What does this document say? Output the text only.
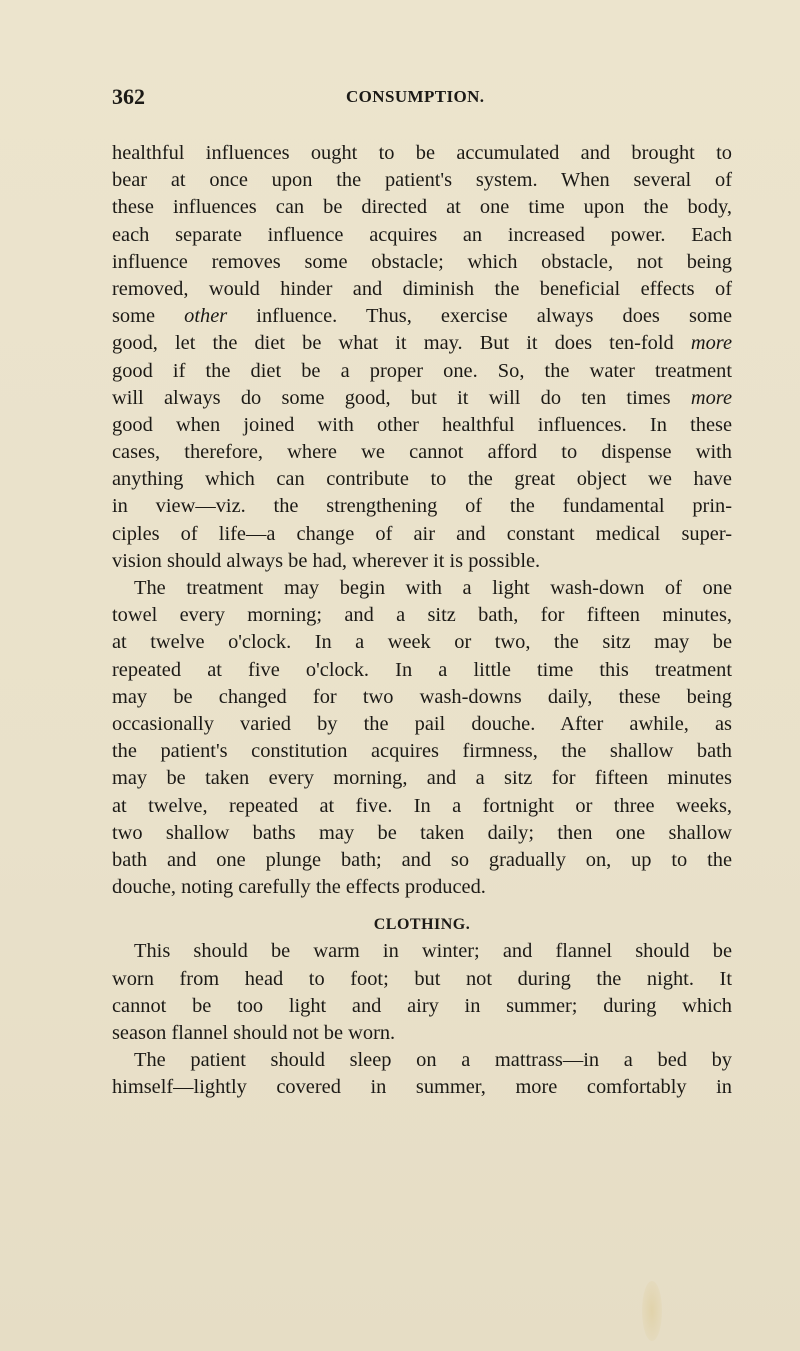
362	CONSUMPTION.
healthful influences ought to be accumulated and brought to
bear at once upon the patient's system. When several of
these influences can be directed at one time upon the body,
each separate influence acquires an increased power. Each
influence removes some obstacle; which obstacle, not being
removed, would hinder and diminish the beneficial effects of
some other influence. Thus, exercise always does some
good, let the diet be what it may. But it does ten-fold more
good if the diet be a proper one. So, the water treatment
will always do some good, but it will do ten times more
good when joined with other healthful influences. In these
cases, therefore, where we cannot afford to dispense with
anything which can contribute to the great object we have
in view—viz. the strengthening of the fundamental prin-
ciples of life—a change of air and constant medical super-
vision should always be had, wherever it is possible.
The treatment may begin with a light wash-down of one
towel every morning; and a sitz bath, for fifteen minutes,
at twelve o'clock. In a week or two, the sitz may be
repeated at five o'clock. In a little time this treatment
may be changed for two wash-downs daily, these being
occasionally varied by the pail douche. After awhile, as
the patient's constitution acquires firmness, the shallow bath
may be taken every morning, and a sitz for fifteen minutes
at twelve, repeated at five. In a fortnight or three weeks,
two shallow baths may be taken daily; then one shallow
bath and one plunge bath; and so gradually on, up to the
douche, noting carefully the effects produced.
CLOTHING.
This should be warm in winter; and flannel should be
worn from head to foot; but not during the night. It
cannot be too light and airy in summer; during which
season flannel should not be worn.
The patient should sleep on a mattrass—in a bed by
himself—lightly covered in summer, more comfortably in
